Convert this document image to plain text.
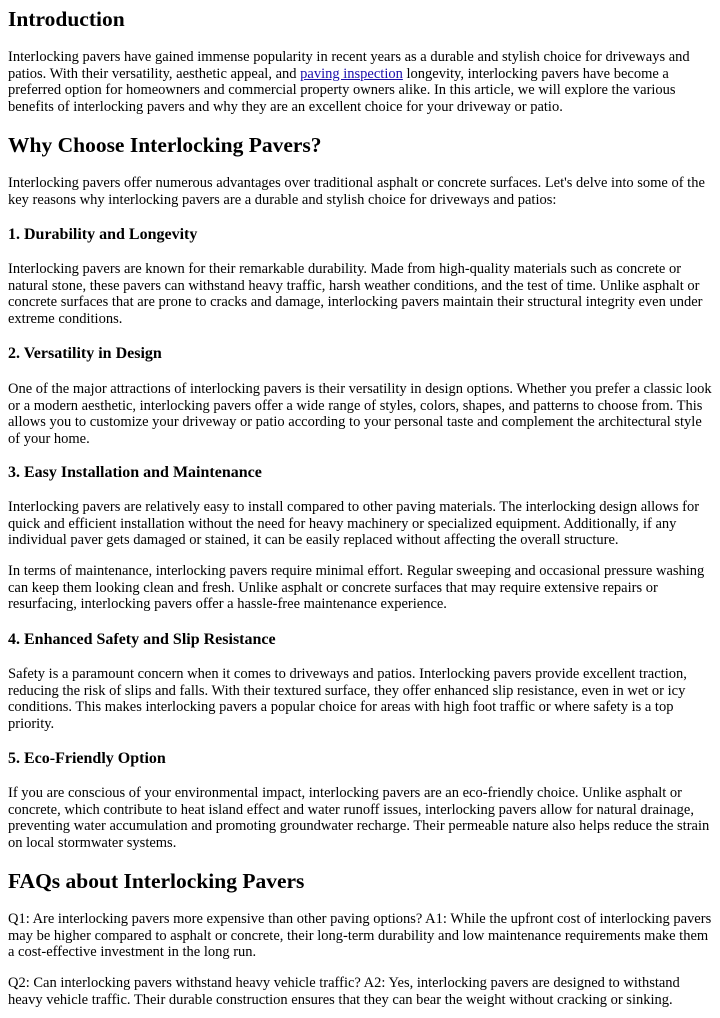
Introduction

Interlocking pavers have gained immense popularity in recent years as a durable and stylish choice for driveways and patios. With their versatility, aesthetic appeal, and paving inspection longevity, interlocking pavers have become a preferred option for homeowners and commercial property owners alike. In this article, we will explore the various benefits of interlocking pavers and why they are an excellent choice for your driveway or patio.

Why Choose Interlocking Pavers?

Interlocking pavers offer numerous advantages over traditional asphalt or concrete surfaces. Let's delve into some of the key reasons why interlocking pavers are a durable and stylish choice for driveways and patios:

1. Durability and Longevity

Interlocking pavers are known for their remarkable durability. Made from high-quality materials such as concrete or natural stone, these pavers can withstand heavy traffic, harsh weather conditions, and the test of time. Unlike asphalt or concrete surfaces that are prone to cracks and damage, interlocking pavers maintain their structural integrity even under extreme conditions.

2. Versatility in Design

One of the major attractions of interlocking pavers is their versatility in design options. Whether you prefer a classic look or a modern aesthetic, interlocking pavers offer a wide range of styles, colors, shapes, and patterns to choose from. This allows you to customize your driveway or patio according to your personal taste and complement the architectural style of your home.

3. Easy Installation and Maintenance

Interlocking pavers are relatively easy to install compared to other paving materials. The interlocking design allows for quick and efficient installation without the need for heavy machinery or specialized equipment. Additionally, if any individual paver gets damaged or stained, it can be easily replaced without affecting the overall structure.

In terms of maintenance, interlocking pavers require minimal effort. Regular sweeping and occasional pressure washing can keep them looking clean and fresh. Unlike asphalt or concrete surfaces that may require extensive repairs or resurfacing, interlocking pavers offer a hassle-free maintenance experience.

4. Enhanced Safety and Slip Resistance

Safety is a paramount concern when it comes to driveways and patios. Interlocking pavers provide excellent traction, reducing the risk of slips and falls. With their textured surface, they offer enhanced slip resistance, even in wet or icy conditions. This makes interlocking pavers a popular choice for areas with high foot traffic or where safety is a top priority.

5. Eco-Friendly Option

If you are conscious of your environmental impact, interlocking pavers are an eco-friendly choice. Unlike asphalt or concrete, which contribute to heat island effect and water runoff issues, interlocking pavers allow for natural drainage, preventing water accumulation and promoting groundwater recharge. Their permeable nature also helps reduce the strain on local stormwater systems.

FAQs about Interlocking Pavers

Q1: Are interlocking pavers more expensive than other paving options? A1: While the upfront cost of interlocking pavers may be higher compared to asphalt or concrete, their long-term durability and low maintenance requirements make them a cost-effective investment in the long run.

Q2: Can interlocking pavers withstand heavy vehicle traffic? A2: Yes, interlocking pavers are designed to withstand heavy vehicle traffic. Their durable construction ensures that they can bear the weight without cracking or sinking.
